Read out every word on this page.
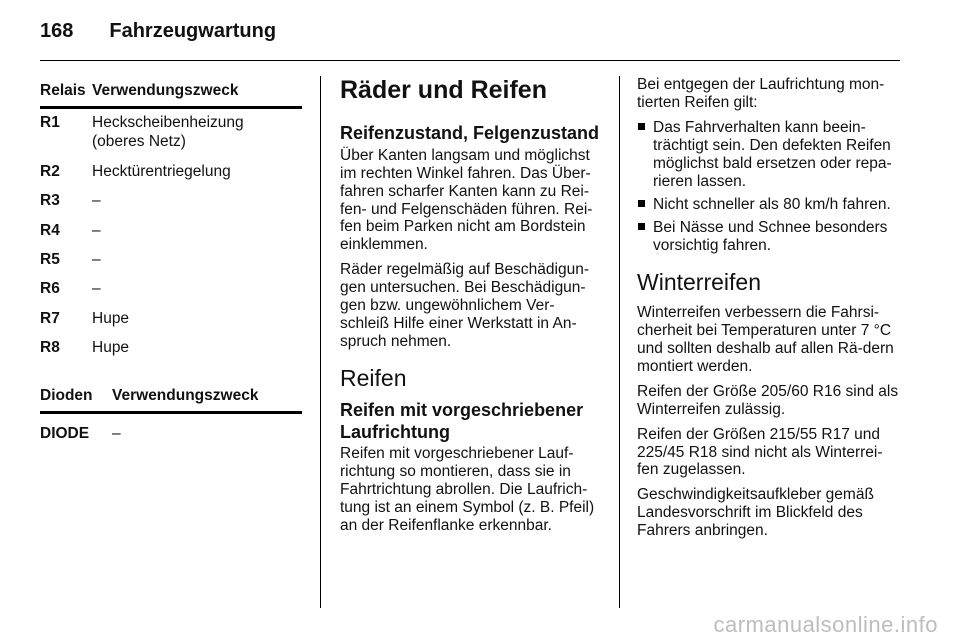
168 Fahrzeugwartung
Relais	Verwendungszweck
R1	Heckscheibenheizung
(oberes Netz)
R2	Hecktürentriegelung
R3	–
R4	–
R5	–
R6	–
R7	Hupe
R8	Hupe
Dioden	Verwendungszweck
DIODE	–
Räder und Reifen
Reifenzustand, Felgenzustand

Über Kanten langsam und möglichst im rechten Winkel fahren. Das Über-fahren scharfer Kanten kann zu Rei-fen- und Felgenschäden führen. Rei-fen beim Parken nicht am Bordstein einklemmen.

Räder regelmäßig auf Beschädigun-gen untersuchen. Bei Beschädigun-gen bzw. ungewöhnlichem Ver-schleiß Hilfe einer Werkstatt in An-spruch nehmen.

Reifen
Reifen mit vorgeschriebener Laufrichtung

Reifen mit vorgeschriebener Lauf-richtung so montieren, dass sie in Fahrtrichtung abrollen. Die Laufrich-tung ist an einem Symbol (z. B. Pfeil) an der Reifenflanke erkennbar.

Bei entgegen der Laufrichtung mon-tierten Reifen gilt:

Das Fahrverhalten kann beein-trächtigt sein. Den defekten Reifen möglichst bald ersetzen oder repa-rieren lassen.
Nicht schneller als 80 km/h fahren.
Bei Nässe und Schnee besonders vorsichtig fahren.
Winterreifen

Winterreifen verbessern die Fahrsi-cherheit bei Temperaturen unter 7 °C und sollten deshalb auf allen Rä-dern montiert werden.

Reifen der Größe 205/60 R16 sind als Winterreifen zulässig.

Reifen der Größen 215/55 R17 und 225/45 R18 sind nicht als Winterrei-fen zugelassen.

Geschwindigkeitsaufkleber gemäß Landesvorschrift im Blickfeld des Fahrers anbringen.

carmanualsonline.info
